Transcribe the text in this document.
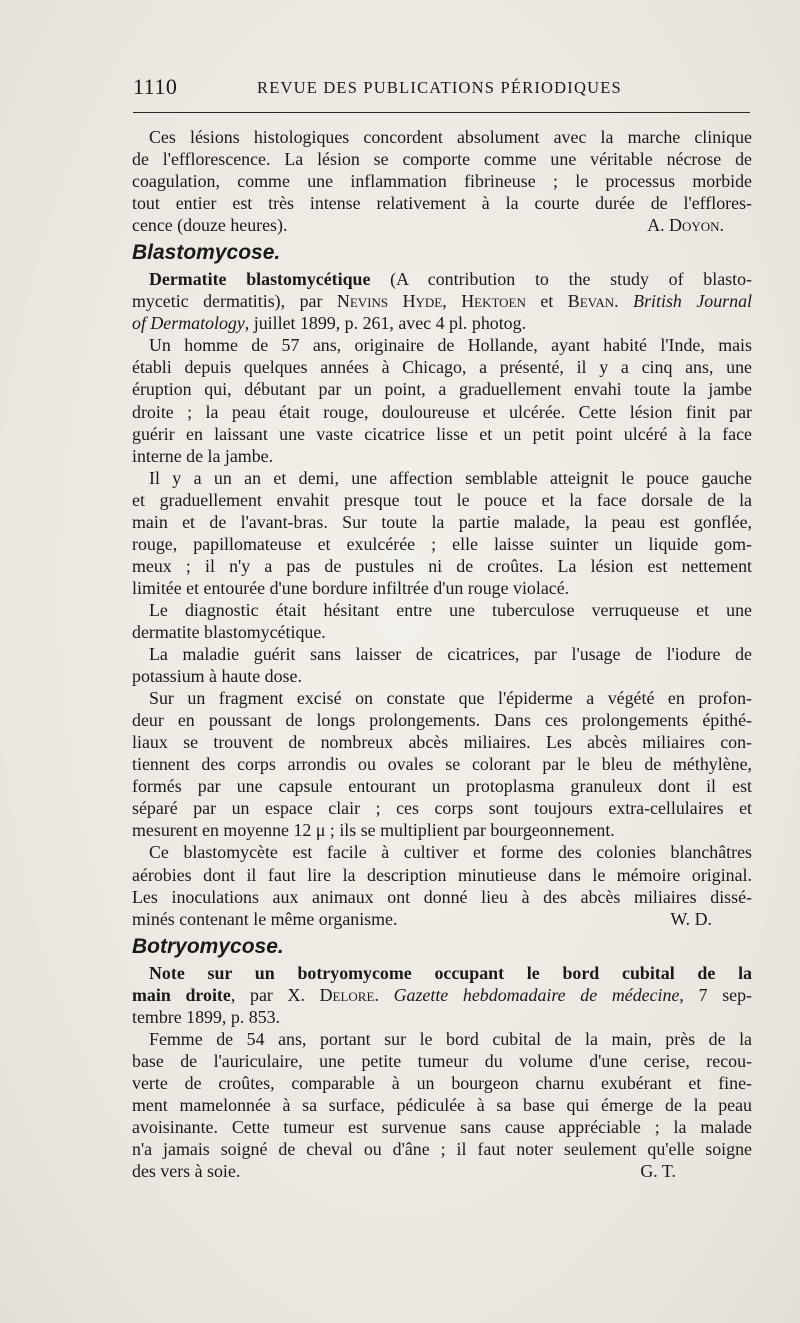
1110	REVUE DES PUBLICATIONS PÉRIODIQUES
Ces lésions histologiques concordent absolument avec la marche clinique
de l'efflorescence. La lésion se comporte comme une véritable nécrose de
coagulation, comme une inflammation fibrineuse ; le processus morbide
tout entier est très intense relativement à la courte durée de l'efflores-
cence (douze heures).	A. Doyon.
Blastomycose.
Dermatite blastomycétique (A contribution to the study of blasto-
mycetic dermatitis), par Nevins Hyde, Hektoen et Bevan. British Journal
of Dermatology, juillet 1899, p. 261, avec 4 pl. photog.
Un homme de 57 ans, originaire de Hollande, ayant habité l'Inde, mais
établi depuis quelques années à Chicago, a présenté, il y a cinq ans, une
éruption qui, débutant par un point, a graduellement envahi toute la jambe
droite ; la peau était rouge, douloureuse et ulcérée. Cette lésion finit par
guérir en laissant une vaste cicatrice lisse et un petit point ulcéré à la face
interne de la jambe.
Il y a un an et demi, une affection semblable atteignit le pouce gauche
et graduellement envahit presque tout le pouce et la face dorsale de la
main et de l'avant-bras. Sur toute la partie malade, la peau est gonflée,
rouge, papillomateuse et exulcérée ; elle laisse suinter un liquide gom-
meux ; il n'y a pas de pustules ni de croûtes. La lésion est nettement
limitée et entourée d'une bordure infiltrée d'un rouge violacé.
Le diagnostic était hésitant entre une tuberculose verruqueuse et une
dermatite blastomycétique.
La maladie guérit sans laisser de cicatrices, par l'usage de l'iodure de
potassium à haute dose.
Sur un fragment excisé on constate que l'épiderme a végété en profon-
deur en poussant de longs prolongements. Dans ces prolongements épithé-
liaux se trouvent de nombreux abcès miliaires. Les abcès miliaires con-
tiennent des corps arrondis ou ovales se colorant par le bleu de méthylène,
formés par une capsule entourant un protoplasma granuleux dont il est
séparé par un espace clair ; ces corps sont toujours extra-cellulaires et
mesurent en moyenne 12 μ ; ils se multiplient par bourgeonnement.
Ce blastomycète est facile à cultiver et forme des colonies blanchâtres
aérobies dont il faut lire la description minutieuse dans le mémoire original.
Les inoculations aux animaux ont donné lieu à des abcès miliaires dissé-
minés contenant le même organisme.	W. D.
Botryomycose.
Note sur un botryomycome occupant le bord cubital de la
main droite, par X. Delore. Gazette hebdomadaire de médecine, 7 sep-
tembre 1899, p. 853.
Femme de 54 ans, portant sur le bord cubital de la main, près de la
base de l'auriculaire, une petite tumeur du volume d'une cerise, recou-
verte de croûtes, comparable à un bourgeon charnu exubérant et fine-
ment mamelonnée à sa surface, pédiculée à sa base qui émerge de la peau
avoisinante. Cette tumeur est survenue sans cause appréciable ; la malade
n'a jamais soigné de cheval ou d'âne ; il faut noter seulement qu'elle soigne
des vers à soie.	G. T.
